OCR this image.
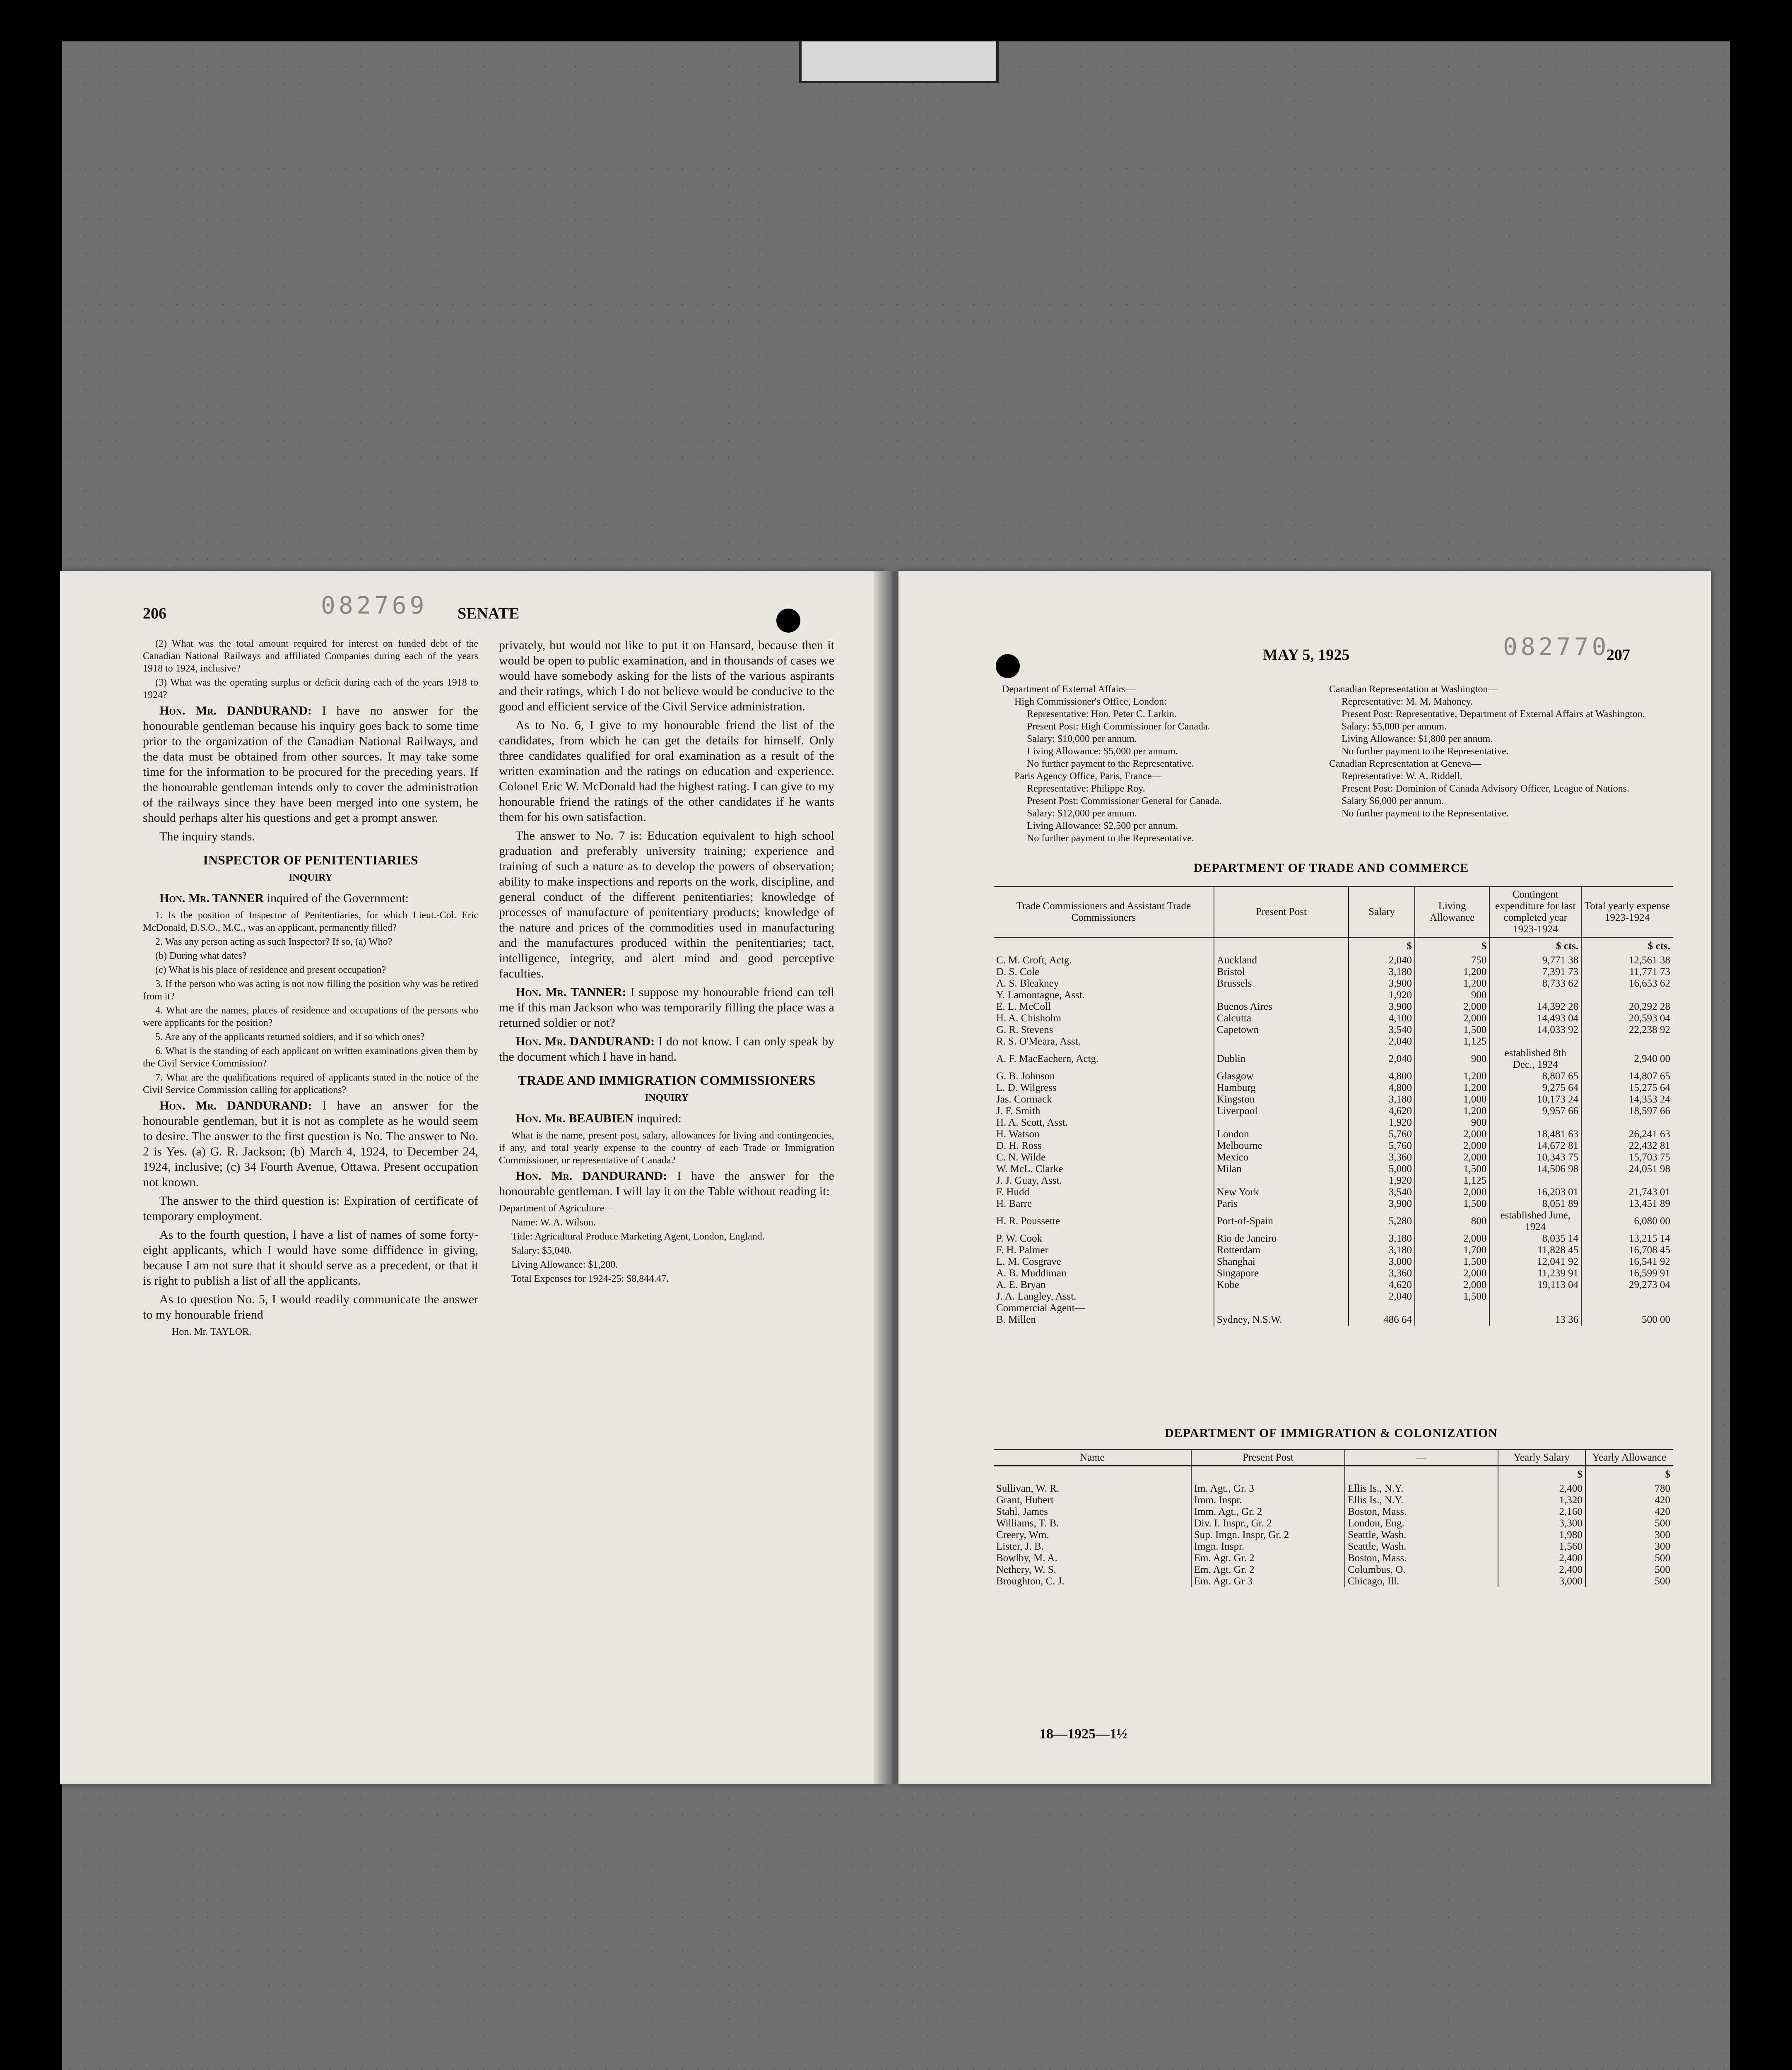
206	082769 SENATE

(2) What was the total amount required for interest on funded debt of the Canadian National Railways and affiliated Companies during each of the years 1918 to 1924, inclusive?

(3) What was the operating surplus or deficit during each of the years 1918 to 1924?

Hon. Mr. DANDURAND: I have no answer for the honourable gentleman because his inquiry goes back to some time prior to the organization of the Canadian National Railways, and the data must be obtained from other sources. It may take some time for the information to be procured for the preceding years. If the honourable gentleman intends only to cover the administration of the railways since they have been merged into one system, he should perhaps alter his questions and get a prompt answer.

The inquiry stands.

INSPECTOR OF PENITENTIARIES

INQUIRY

Hon. Mr. TANNER inquired of the Government:

1. Is the position of Inspector of Penitentiaries, for which Lieut.-Col. Eric McDonald, D.S.O., M.C., was an applicant, permanently filled?

2. Was any person acting as such Inspector? If so, (a) Who?

(b) During what dates?

(c) What is his place of residence and present occupation?

3. If the person who was acting is not now filling the position why was he retired from it?

4. What are the names, places of residence and occupations of the persons who were applicants for the position?

5. Are any of the applicants returned soldiers, and if so which ones?

6. What is the standing of each applicant on written examinations given them by the Civil Service Commission?

7. What are the qualifications required of applicants stated in the notice of the Civil Service Commission calling for applications?

Hon. Mr. DANDURAND: I have an answer for the honourable gentleman, but it is not as complete as he would seem to desire. The answer to the first question is No. The answer to No. 2 is Yes. (a) G. R. Jackson; (b) March 4, 1924, to December 24, 1924, inclusive; (c) 34 Fourth Avenue, Ottawa. Present occupation not known.

The answer to the third question is: Expiration of certificate of temporary employment.

As to the fourth question, I have a list of names of some forty-eight applicants, which I would have some diffidence in giving, because I am not sure that it should serve as a precedent, or that it is right to publish a list of all the applicants.

As to question No. 5, I would readily communicate the answer to my honourable friend

Hon. Mr. TAYLOR.

privately, but would not like to put it on Hansard, because then it would be open to public examination, and in thousands of cases we would have somebody asking for the lists of the various aspirants and their ratings, which I do not believe would be conducive to the good and efficient service of the Civil Service administration.

As to No. 6, I give to my honourable friend the list of the candidates, from which he can get the details for himself. Only three candidates qualified for oral examination as a result of the written examination and the ratings on education and experience. Colonel Eric W. McDonald had the highest rating. I can give to my honourable friend the ratings of the other candidates if he wants them for his own satisfaction.

The answer to No. 7 is: Education equivalent to high school graduation and preferably university training; experience and training of such a nature as to develop the powers of observation; ability to make inspections and reports on the work, discipline, and general conduct of the different penitentiaries; knowledge of processes of manufacture of penitentiary products; knowledge of the nature and prices of the commodities used in manufacturing and the manufactures produced within the penitentiaries; tact, intelligence, integrity, and alert mind and good perceptive faculties.

Hon. Mr. TANNER: I suppose my honourable friend can tell me if this man Jackson who was temporarily filling the place was a returned soldier or not?

Hon. Mr. DANDURAND: I do not know. I can only speak by the document which I have in hand.

TRADE AND IMMIGRATION COMMISSIONERS

INQUIRY

Hon. Mr. BEAUBIEN inquired:

What is the name, present post, salary, allowances for living and contingencies, if any, and total yearly expense to the country of each Trade or Immigration Commissioner, or representative of Canada?

Hon. Mr. DANDURAND: I have the answer for the honourable gentleman. I will lay it on the Table without reading it:

Department of Agriculture—

Name: W. A. Wilson.

Title: Agricultural Produce Marketing Agent, London, England.

Salary: $5,040.

Living Allowance: $1,200.

Total Expenses for 1924-25: $8,844.47.

MAY 5, 1925	082770
207
Department of External Affairs—
High Commissioner's Office, London:
Representative: Hon. Peter C. Larkin.
Present Post: High Commissioner for Canada.
Salary: $10,000 per annum.
Living Allowance: $5,000 per annum.
No further payment to the Representative.
Paris Agency Office, Paris, France—
Representative: Philippe Roy.
Present Post: Commissioner General for Canada.
Salary: $12,000 per annum.
Living Allowance: $2,500 per annum.
No further payment to the Representative.
Canadian Representation at Washington—
Representative: M. M. Mahoney.
Present Post: Representative, Department of External Affairs at Washington.
Salary: $5,000 per annum.
Living Allowance: $1,800 per annum.
No further payment to the Representative.
Canadian Representation at Geneva—
Representative: W. A. Riddell.
Present Post: Dominion of Canada Advisory Officer, League of Nations.
Salary $6,000 per annum.
No further payment to the Representative.
DEPARTMENT OF TRADE AND COMMERCE
Trade Commissioners and Assistant Trade Commissioners	Present Post	Salary	Living Allowance	Contingent expenditure for last completed year 1923-1924	Total yearly expense 1923-1924
		$	$	$ cts.	$ cts.
C. M. Croft, Actg.	Auckland	2,040	750	9,771 38	12,561 38
D. S. Cole	Bristol	3,180	1,200	7,391 73	11,771 73
A. S. Bleakney	Brussels	3,900	1,200	8,733 62	16,653 62
Y. Lamontagne, Asst.		1,920	900		
E. L. McColl	Buenos Aires	3,900	2,000	14,392 28	20,292 28
H. A. Chisholm	Calcutta	4,100	2,000	14,493 04	20,593 04
G. R. Stevens	Capetown	3,540	1,500	14,033 92	22,238 92
R. S. O'Meara, Asst.		2,040	1,125		
A. F. MacEachern, Actg.	Dublin	2,040	900	established 8th Dec., 1924	2,940 00
G. B. Johnson	Glasgow	4,800	1,200	8,807 65	14,807 65
L. D. Wilgress	Hamburg	4,800	1,200	9,275 64	15,275 64
Jas. Cormack	Kingston	3,180	1,000	10,173 24	14,353 24
J. F. Smith	Liverpool	4,620	1,200	9,957 66	18,597 66
H. A. Scott, Asst.		1,920	900		
H. Watson	London	5,760	2,000	18,481 63	26,241 63
D. H. Ross	Melbourne	5,760	2,000	14,672 81	22,432 81
C. N. Wilde	Mexico	3,360	2,000	10,343 75	15,703 75
W. McL. Clarke	Milan	5,000	1,500	14,506 98	24,051 98
J. J. Guay, Asst.		1,920	1,125		
F. Hudd	New York	3,540	2,000	16,203 01	21,743 01
H. Barre	Paris	3,900	1,500	8,051 89	13,451 89
H. R. Poussette	Port-of-Spain	5,280	800	established June, 1924	6,080 00
P. W. Cook	Rio de Janeiro	3,180	2,000	8,035 14	13,215 14
F. H. Palmer	Rotterdam	3,180	1,700	11,828 45	16,708 45
L. M. Cosgrave	Shanghai	3,000	1,500	12,041 92	16,541 92
A. B. Muddiman	Singapore	3,360	2,000	11,239 91	16,599 91
A. E. Bryan	Kobe	4,620	2,000	19,113 04	29,273 04
J. A. Langley, Asst.		2,040	1,500		
Commercial Agent—					
B. Millen	Sydney, N.S.W.	486 64		13 36	500 00
DEPARTMENT OF IMMIGRATION & COLONIZATION
Name	Present Post	—	Yearly Salary	Yearly Allowance
			$	$
Sullivan, W. R.	Im. Agt., Gr. 3	Ellis Is., N.Y.	2,400	780
Grant, Hubert	Imm. Inspr.	Ellis Is., N.Y.	1,320	420
Stahl, James	Imm. Agt., Gr. 2	Boston, Mass.	2,160	420
Williams, T. B.	Div. I. Inspr., Gr. 2	London, Eng.	3,300	500
Creery, Wm.	Sup. Imgn. Inspr, Gr. 2	Seattle, Wash.	1,980	300
Lister, J. B.	Imgn. Inspr.	Seattle, Wash.	1,560	300
Bowlby, M. A.	Em. Agt. Gr. 2	Boston, Mass.	2,400	500
Nethery, W. S.	Em. Agt. Gr. 2	Columbus, O.	2,400	500
Broughton, C. J.	Em. Agt. Gr 3	Chicago, Ill.	3,000	500
18—1925—1½
